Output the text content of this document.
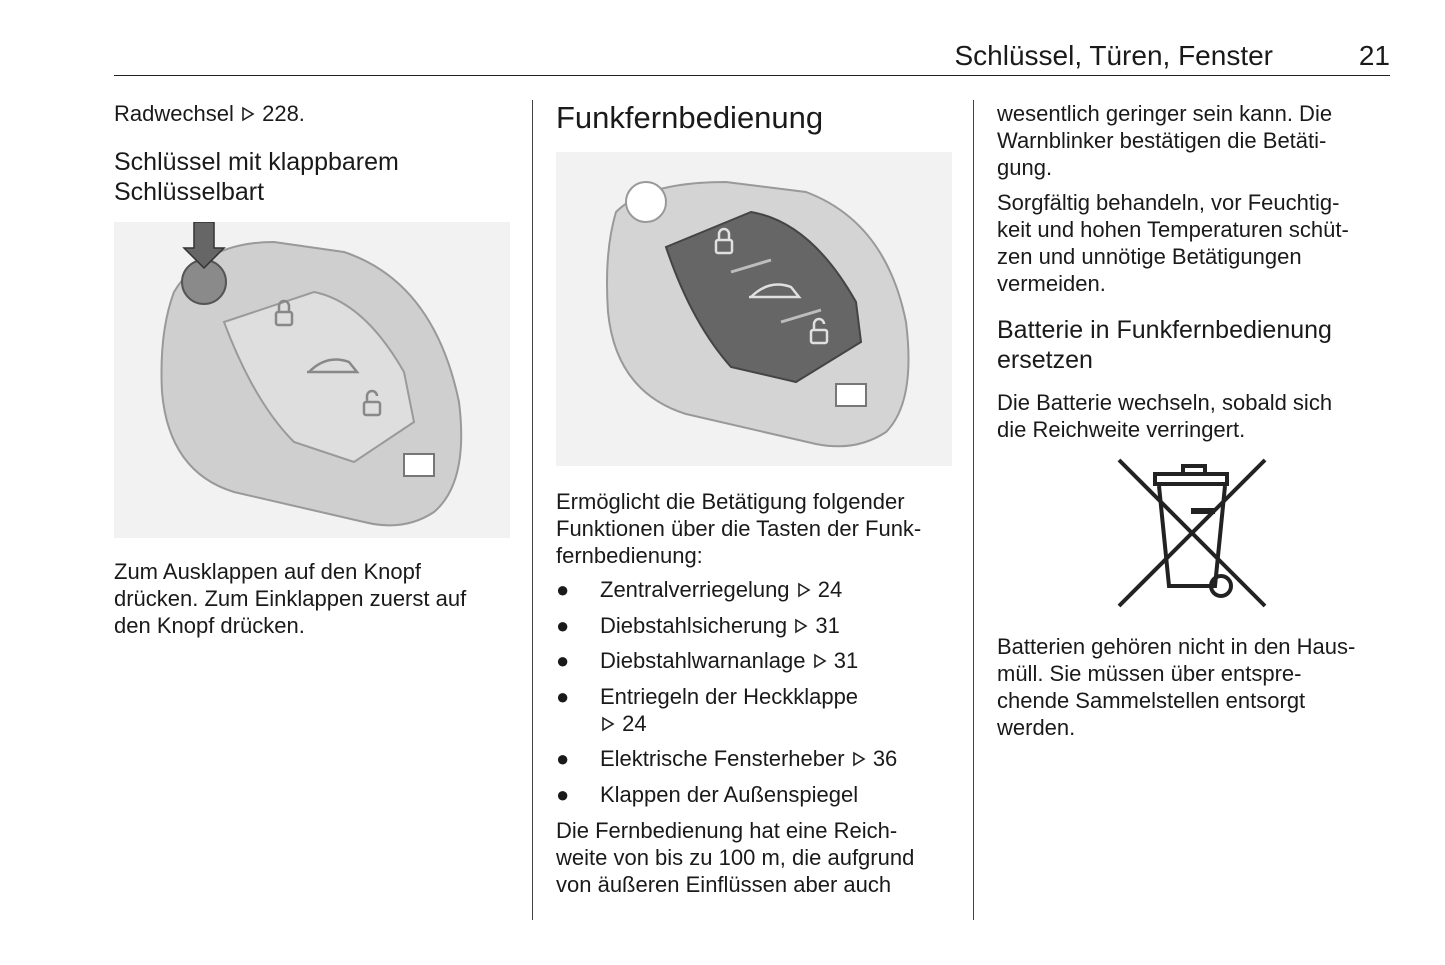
Schlüssel, Türen, Fenster	21

Radwechsel 228.

Schlüssel mit klappbarem Schlüsselbart

Zum Ausklappen auf den Knopf

drücken. Zum Einklappen zuerst auf

den Knopf drücken.

Funkfernbedienung

Ermöglicht die Betätigung folgender

Funktionen über die Tasten der Funk-

fernbedienung:

● Zentralverriegelung 24
● Diebstahlsicherung 31
● Diebstahlwarnanlage 31
● Entriegeln der Heckklappe
24
● Elektrische Fensterheber 36
● Klappen der Außenspiegel

Die Fernbedienung hat eine Reich-

weite von bis zu 100 m, die aufgrund

von äußeren Einflüssen aber auch

wesentlich geringer sein kann. Die

Warnblinker bestätigen die Betäti-

gung.

Sorgfältig behandeln, vor Feuchtig-

keit und hohen Temperaturen schüt-

zen und unnötige Betätigungen

vermeiden.

Batterie in Funkfernbedienung

ersetzen

Die Batterie wechseln, sobald sich

die Reichweite verringert.

Batterien gehören nicht in den Haus-

müll. Sie müssen über entspre-

chende Sammelstellen entsorgt

werden.
